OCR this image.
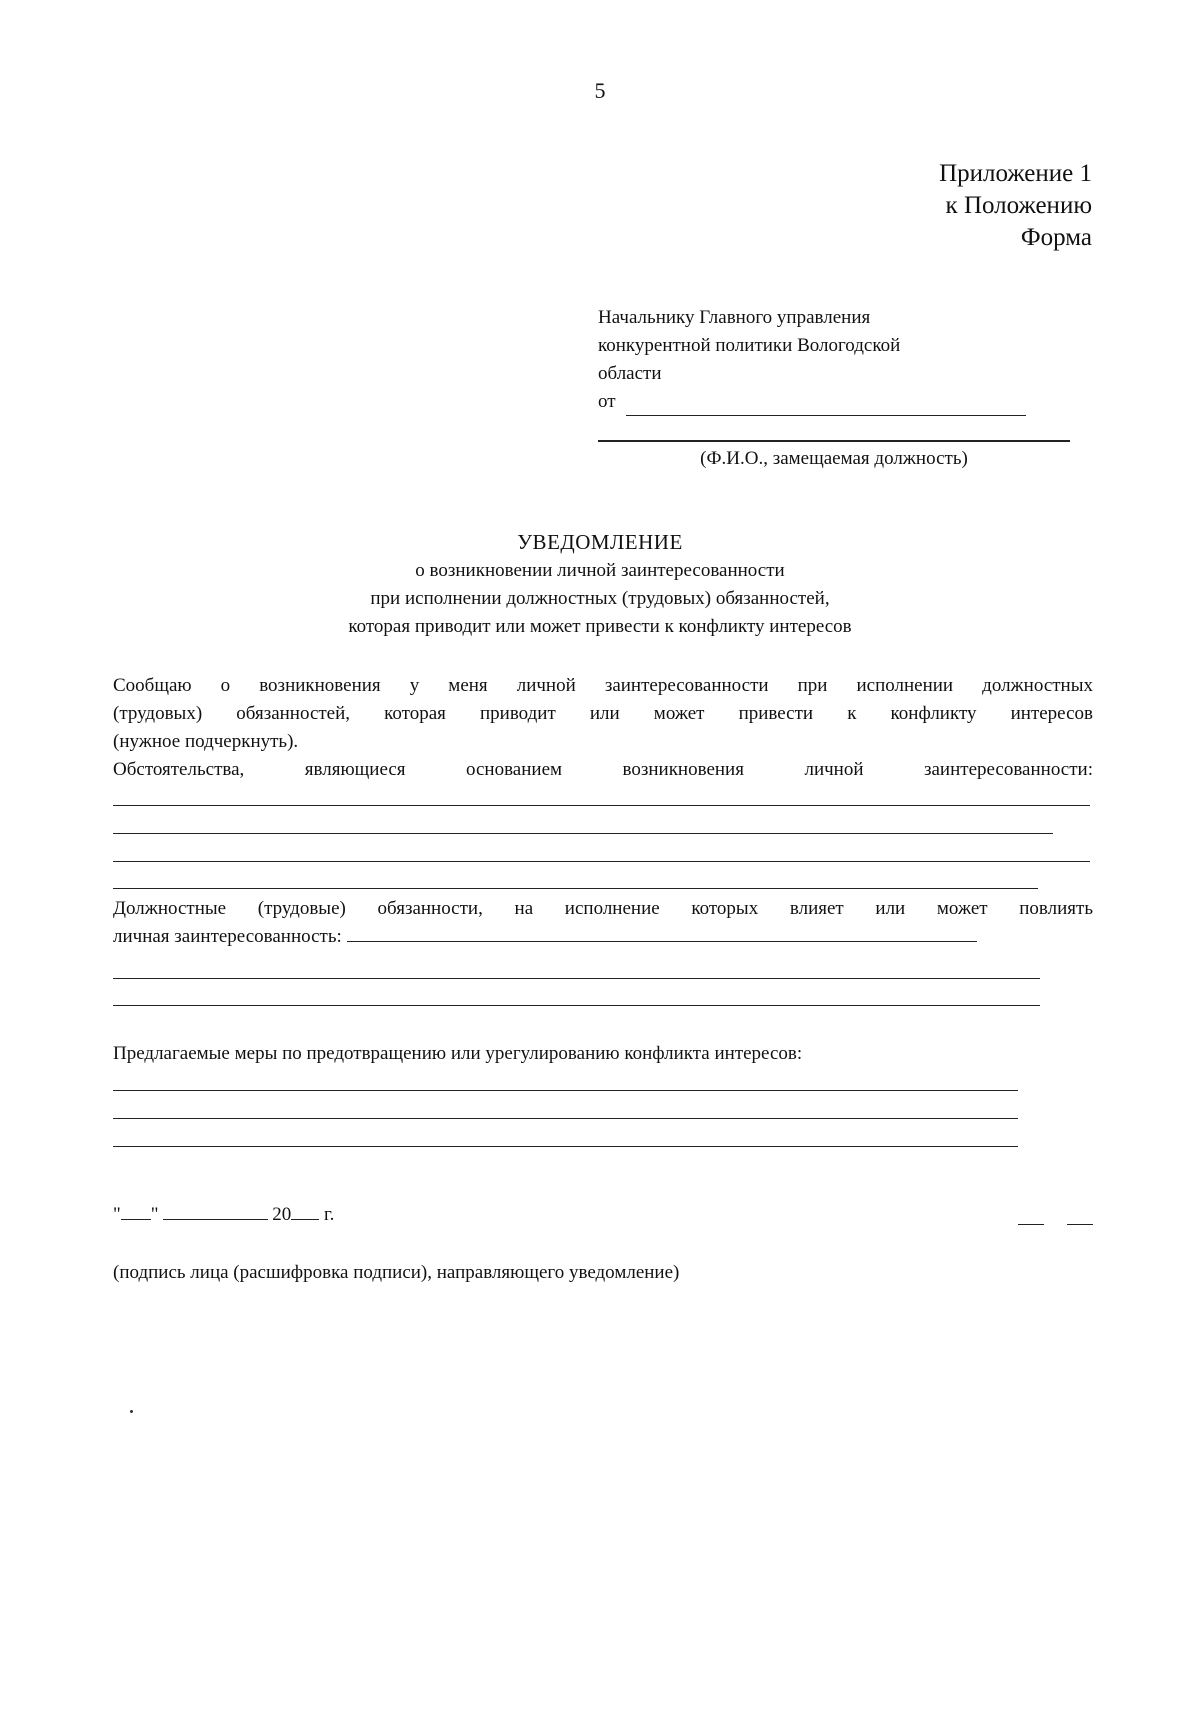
5
Приложение 1
к Положению
Форма
Начальнику Главного управления
конкурентной политики Вологодской
области
от
(Ф.И.О., замещаемая должность)
УВЕДОМЛЕНИЕ
о возникновении личной заинтересованности
при исполнении должностных (трудовых) обязанностей,
которая приводит или может привести к конфликту интересов
Сообщаю о возникновения у меня личной заинтересованности при исполнении должностных
(трудовых) обязанностей, которая приводит или может привести к конфликту интересов
(нужное подчеркнуть).
Обстоятельства, являющиеся основанием возникновения личной заинтересованности:
Должностные (трудовые) обязанности, на исполнение которых влияет или может повлиять
личная заинтересованность:
Предлагаемые меры по предотвращению или урегулированию конфликта интересов:
" "	20 г.
(подпись лица (расшифровка подписи), направляющего уведомление)
